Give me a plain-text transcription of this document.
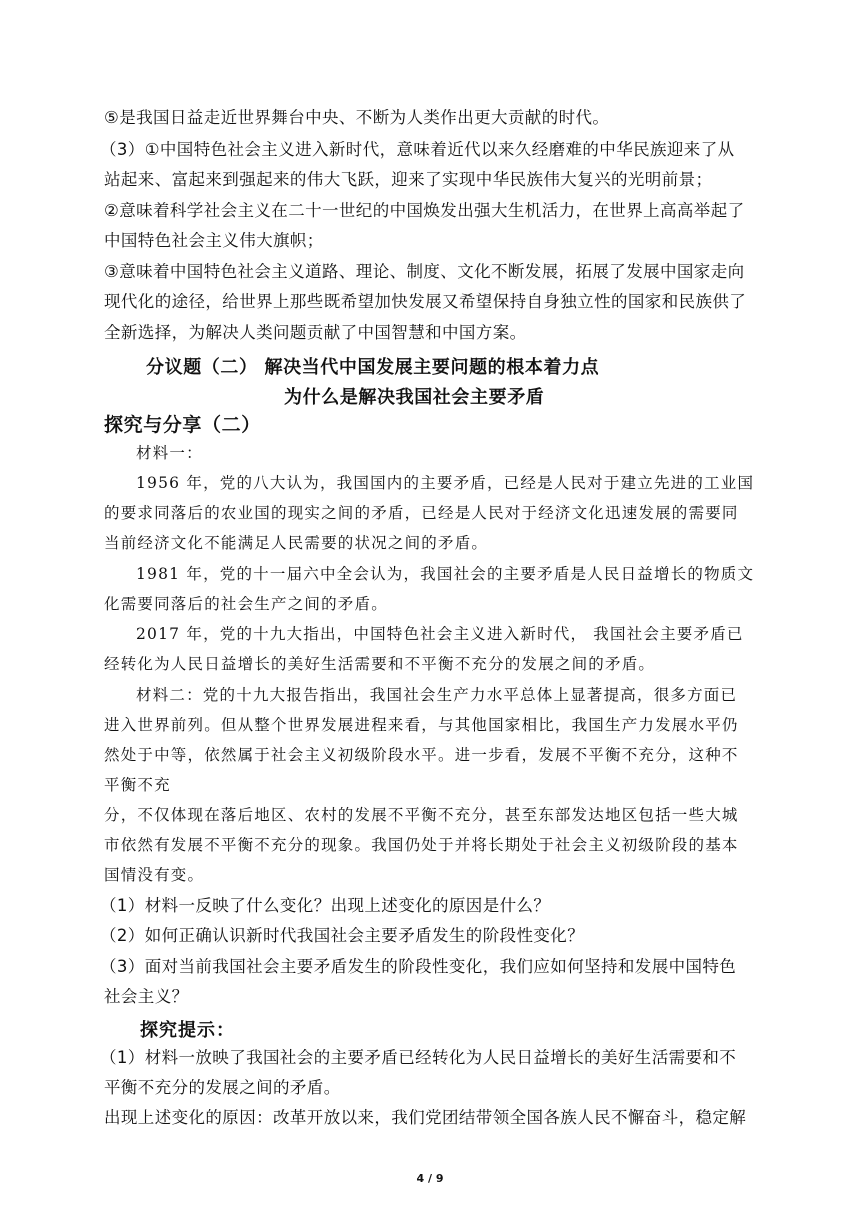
⑤是我国日益走近世界舞台中央、不断为人类作出更大贡献的时代。
（3）①中国特色社会主义进入新时代，意味着近代以来久经磨难的中华民族迎来了从
站起来、富起来到强起来的伟大飞跃，迎来了实现中华民族伟大复兴的光明前景；
②意味着科学社会主义在二十一世纪的中国焕发出强大生机活力，在世界上高高举起了
中国特色社会主义伟大旗帜；
③意味着中国特色社会主义道路、理论、制度、文化不断发展，拓展了发展中国家走向
现代化的途径，给世界上那些既希望加快发展又希望保持自身独立性的国家和民族供了
全新选择，为解决人类问题贡献了中国智慧和中国方案。
分议题（二） 解决当代中国发展主要问题的根本着力点
为什么是解决我国社会主要矛盾
探究与分享（二）
材料一：
1956 年，党的八大认为，我国国内的主要矛盾，已经是人民对于建立先进的工业国
的要求同落后的农业国的现实之间的矛盾，已经是人民对于经济文化迅速发展的需要同
当前经济文化不能满足人民需要的状况之间的矛盾。
1981 年，党的十一届六中全会认为，我国社会的主要矛盾是人民日益增长的物质文
化需要同落后的社会生产之间的矛盾。
2017 年，党的十九大指出，中国特色社会主义进入新时代， 我国社会主要矛盾已
经转化为人民日益增长的美好生活需要和不平衡不充分的发展之间的矛盾。
材料二：党的十九大报告指出，我国社会生产力水平总体上显著提高，很多方面已
进入世界前列。但从整个世界发展进程来看，与其他国家相比，我国生产力发展水平仍
然处于中等，依然属于社会主义初级阶段水平。进一步看，发展不平衡不充分，这种不
平衡不充
分，不仅体现在落后地区、农村的发展不平衡不充分，甚至东部发达地区包括一些大城
市依然有发展不平衡不充分的现象。我国仍处于并将长期处于社会主义初级阶段的基本
国情没有变。
（1）材料一反映了什么变化？出现上述变化的原因是什么？
（2）如何正确认识新时代我国社会主要矛盾发生的阶段性变化？
（3）面对当前我国社会主要矛盾发生的阶段性变化，我们应如何坚持和发展中国特色
社会主义？
探究提示：
（1）材料一放映了我国社会的主要矛盾已经转化为人民日益增长的美好生活需要和不
平衡不充分的发展之间的矛盾。
出现上述变化的原因：改革开放以来，我们党团结带领全国各族人民不懈奋斗，稳定解
4 / 9
